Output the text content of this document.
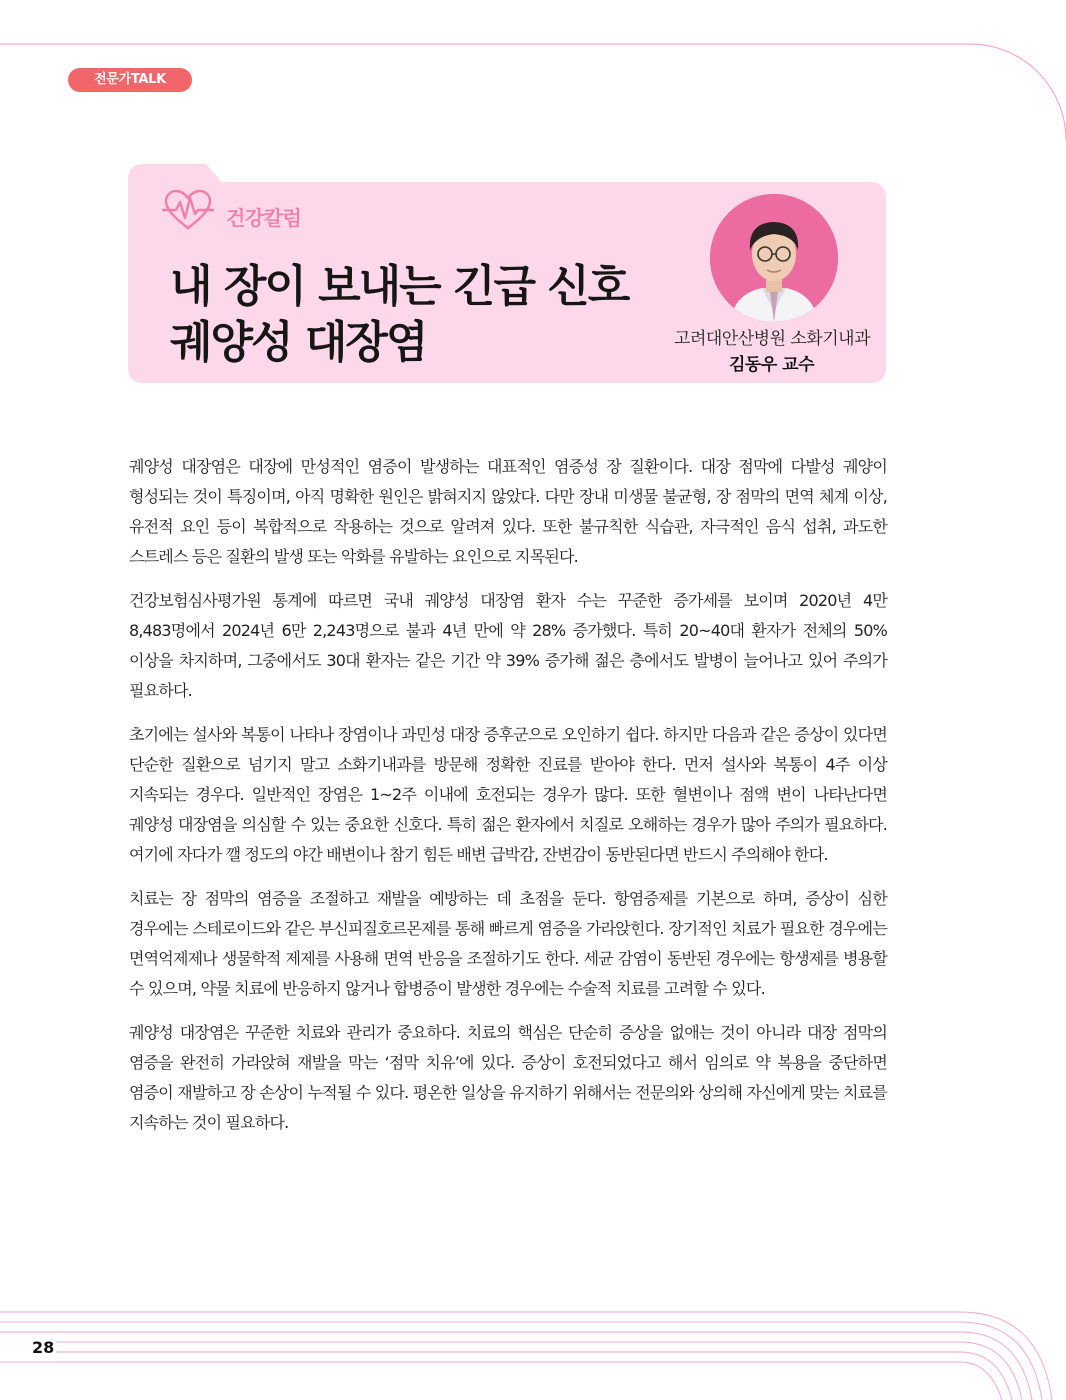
전문가TALK
건강칼럼
내 장이 보내는 긴급 신호
궤양성 대장염	고려대안산병원 소화기내과
김동우 교수

궤양성 대장염은 대장에 만성적인 염증이 발생하는 대표적인 염증성 장 질환이다. 대장 점막에 다발성 궤양이 형성되는 것이 특징이며, 아직 명확한 원인은 밝혀지지 않았다. 다만 장내 미생물 불균형, 장 점막의 면역 체계 이상, 유전적 요인 등이 복합적으로 작용하는 것으로 알려져 있다. 또한 불규칙한 식습관, 자극적인 음식 섭취, 과도한 스트레스 등은 질환의 발생 또는 악화를 유발하는 요인으로 지목된다.

건강보험심사평가원 통계에 따르면 국내 궤양성 대장염 환자 수는 꾸준한 증가세를 보이며 2020년 4만 8,483명에서 2024년 6만 2,243명으로 불과 4년 만에 약 28% 증가했다. 특히 20~40대 환자가 전체의 50% 이상을 차지하며, 그중에서도 30대 환자는 같은 기간 약 39% 증가해 젊은 층에서도 발병이 늘어나고 있어 주의가 필요하다.

초기에는 설사와 복통이 나타나 장염이나 과민성 대장 증후군으로 오인하기 쉽다. 하지만 다음과 같은 증상이 있다면 단순한 질환으로 넘기지 말고 소화기내과를 방문해 정확한 진료를 받아야 한다. 먼저 설사와 복통이 4주 이상 지속되는 경우다. 일반적인 장염은 1~2주 이내에 호전되는 경우가 많다. 또한 혈변이나 점액 변이 나타난다면 궤양성 대장염을 의심할 수 있는 중요한 신호다. 특히 젊은 환자에서 치질로 오해하는 경우가 많아 주의가 필요하다. 여기에 자다가 깰 정도의 야간 배변이나 참기 힘든 배변 급박감, 잔변감이 동반된다면 반드시 주의해야 한다.

치료는 장 점막의 염증을 조절하고 재발을 예방하는 데 초점을 둔다. 항염증제를 기본으로 하며, 증상이 심한 경우에는 스테로이드와 같은 부신피질호르몬제를 통해 빠르게 염증을 가라앉힌다. 장기적인 치료가 필요한 경우에는 면역억제제나 생물학적 제제를 사용해 면역 반응을 조절하기도 한다. 세균 감염이 동반된 경우에는 항생제를 병용할 수 있으며, 약물 치료에 반응하지 않거나 합병증이 발생한 경우에는 수술적 치료를 고려할 수 있다.

궤양성 대장염은 꾸준한 치료와 관리가 중요하다. 치료의 핵심은 단순히 증상을 없애는 것이 아니라 대장 점막의 염증을 완전히 가라앉혀 재발을 막는 ‘점막 치유’에 있다. 증상이 호전되었다고 해서 임의로 약 복용을 중단하면 염증이 재발하고 장 손상이 누적될 수 있다. 평온한 일상을 유지하기 위해서는 전문의와 상의해 자신에게 맞는 치료를 지속하는 것이 필요하다.

28
